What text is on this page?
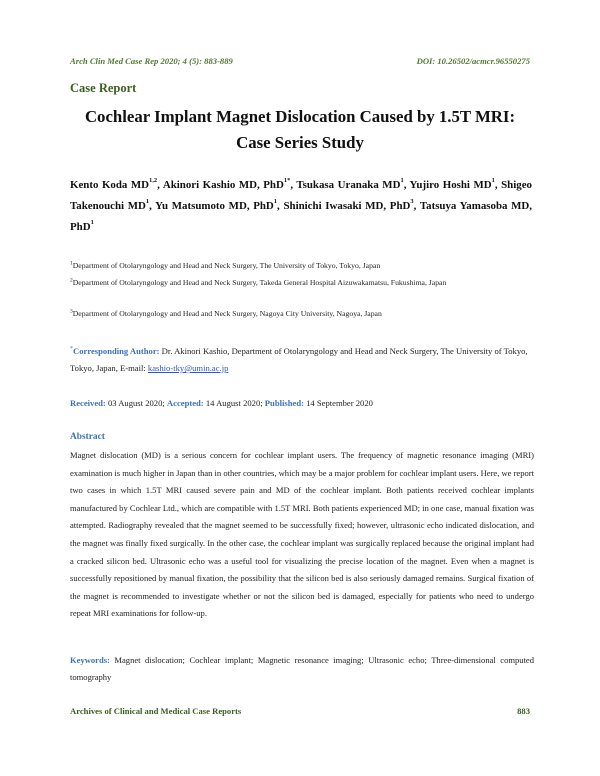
Arch Clin Med Case Rep 2020; 4 (5): 883-889	DOI: 10.26502/acmcr.96550275
Case Report
Cochlear Implant Magnet Dislocation Caused by 1.5T MRI:
Case Series Study
Kento Koda MD$^{1,2}$, Akinori Kashio MD, PhD$^{1*}$, Tsukasa Uranaka $MD^1$, Yujiro Hoshi $MD^1$, Shigeo Takenouchi $MD^1$, Yu Matsumoto MD, PhD$^1$, Shinichi Iwasaki MD, PhD$^3$, Tatsuya Yamasoba MD, PhD$^1$
$^1$Department of Otolaryngology and Head and Neck Surgery, The University of Tokyo, Tokyo, Japan
$^2$Department of Otolaryngology and Head and Neck Surgery, Takeda General Hospital Aizuwakamatsu, Fukushima, Japan
$^3$Department of Otolaryngology and Head and Neck Surgery, Nagoya City University, Nagoya, Japan
*Corresponding Author: Dr. Akinori Kashio, Department of Otolaryngology and Head and Neck Surgery, The University of Tokyo, Tokyo, Japan, E-mail: kashio-tky@umin.ac.jp
Received: 03 August 2020; Accepted: 14 August 2020; Published: 14 September 2020
Abstract
Magnet dislocation (MD) is a serious concern for cochlear implant users. The frequency of magnetic resonance imaging (MRI) examination is much higher in Japan than in other countries, which may be a major problem for cochlear implant users. Here, we report two cases in which 1.5T MRI caused severe pain and MD of the cochlear implant. Both patients received cochlear implants manufactured by Cochlear Ltd., which are compatible with 1.5T MRI. Both patients experienced MD; in one case, manual fixation was attempted. Radiography revealed that the magnet seemed to be successfully fixed; however, ultrasonic echo indicated dislocation, and the magnet was finally fixed surgically. In the other case, the cochlear implant was surgically replaced because the original implant had a cracked silicon bed. Ultrasonic echo was a useful tool for visualizing the precise location of the magnet. Even when a magnet is successfully repositioned by manual fixation, the possibility that the silicon bed is also seriously damaged remains. Surgical fixation of the magnet is recommended to investigate whether or not the silicon bed is damaged, especially for patients who need to undergo repeat MRI examinations for follow-up.
Keywords: Magnet dislocation; Cochlear implant; Magnetic resonance imaging; Ultrasonic echo; Three-dimensional computed tomography
Archives of Clinical and Medical Case Reports	883
